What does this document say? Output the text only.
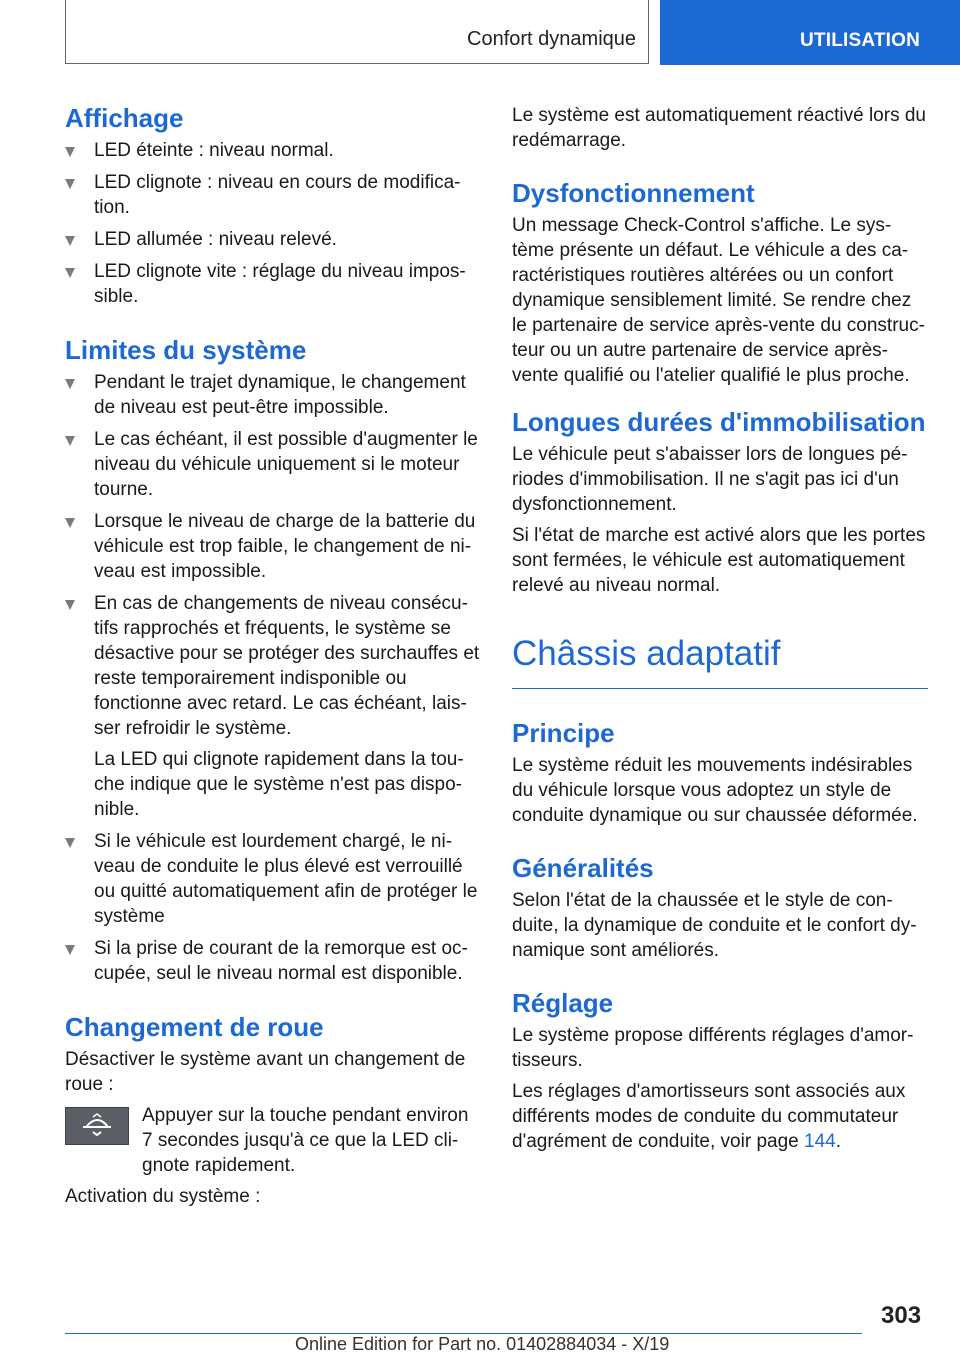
Confort dynamique	UTILISATION
Affichage
LED éteinte : niveau normal.
LED clignote : niveau en cours de modifica‐tion.
LED allumée : niveau relevé.
LED clignote vite : réglage du niveau impos‐sible.
Limites du système
Pendant le trajet dynamique, le changement de niveau est peut-être impossible.
Le cas échéant, il est possible d'augmenter le niveau du véhicule uniquement si le moteur tourne.
Lorsque le niveau de charge de la batterie du véhicule est trop faible, le changement de ni‐veau est impossible.
En cas de changements de niveau consécu‐tifs rapprochés et fréquents, le système se désactive pour se protéger des surchauffes et reste temporairement indisponible ou fonctionne avec retard. Le cas échéant, lais‐ser refroidir le système.
La LED qui clignote rapidement dans la tou‐che indique que le système n'est pas dispo‐nible.
Si le véhicule est lourdement chargé, le ni‐veau de conduite le plus élevé est verrouillé ou quitté automatiquement afin de protéger le système
Si la prise de courant de la remorque est oc‐cupée, seul le niveau normal est disponible.
Changement de roue

Désactiver le système avant un changement de roue :

Appuyer sur la touche pendant environ 7 secondes jusqu'à ce que la LED cli‐gnote rapidement.

Activation du système :

Le système est automatiquement réactivé lors du redémarrage.

Dysfonctionnement

Un message Check-Control s'affiche. Le sys‐tème présente un défaut. Le véhicule a des ca‐ractéristiques routières altérées ou un confort dynamique sensiblement limité. Se rendre chez le partenaire de service après-vente du construc‐teur ou un autre partenaire de service après-vente qualifié ou l'atelier qualifié le plus proche.

Longues durées d'immobilisation

Le véhicule peut s'abaisser lors de longues pé‐riodes d'immobilisation. Il ne s'agit pas ici d'un dysfonctionnement.

Si l'état de marche est activé alors que les portes sont fermées, le véhicule est automatiquement relevé au niveau normal.

Châssis adaptatif
Principe

Le système réduit les mouvements indésirables du véhicule lorsque vous adoptez un style de conduite dynamique ou sur chaussée déformée.

Généralités

Selon l'état de la chaussée et le style de con‐duite, la dynamique de conduite et le confort dy‐namique sont améliorés.

Réglage

Le système propose différents réglages d'amor‐tisseurs.

Les réglages d'amortisseurs sont associés aux différents modes de conduite du commutateur d'agrément de conduite, voir page 144.

303
Online Edition for Part no. 01402884034 - X/19
